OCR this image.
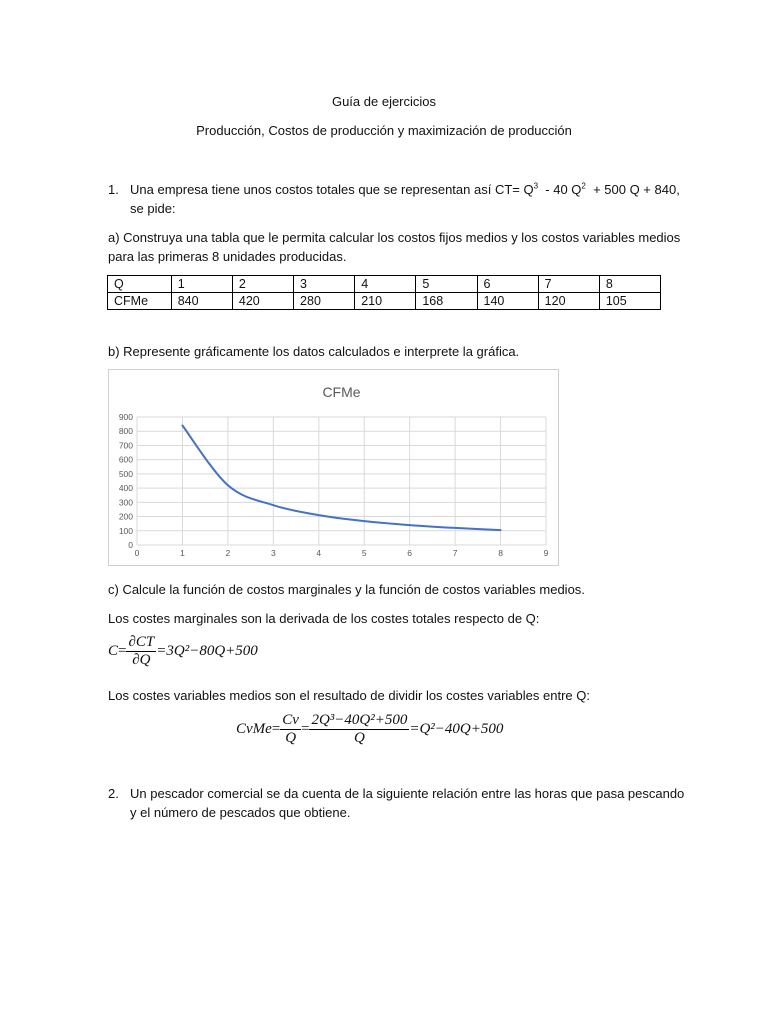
Guía de ejercicios
Producción, Costos de producción y maximización de producción
1. Una empresa tiene unos costos totales que se representan así $CT= Q^3 - 40$ $Q^2 + 500$ Q + 840,
se pide:
a) Construya una tabla que le permita calcular los costos fijos medios y los costos variables medios
para las primeras 8 unidades producidas.
Q	1	2	3	4	5	6	7	8
CFMe	840	420	280	210	168	140	120	105
b) Represente gráficamente los datos calculados e interprete la gráfica.
CFMe
0
100
200
300
400
500
600
700
800
900
0	1	2	3	4	5	6	7	8	9
c) Calcule la función de costos marginales y la función de costos variables medios.
Los costes marginales son la derivada de los costes totales respecto de Q:
$C= \frac{\partial CT}{\partial Q} =3Q^2-80Q+500$
Los costes variables medios son el resultado de dividir los costes variables entre Q:
CvMe= $\frac{Cv}{Q} = \frac{\text{2Q³−40Q²+500}}{Q} =Q^2-40Q+500$
2. Un pescador comercial se da cuenta de la siguiente relación entre las horas que pasa pescando
y el número de pescados que obtiene.
